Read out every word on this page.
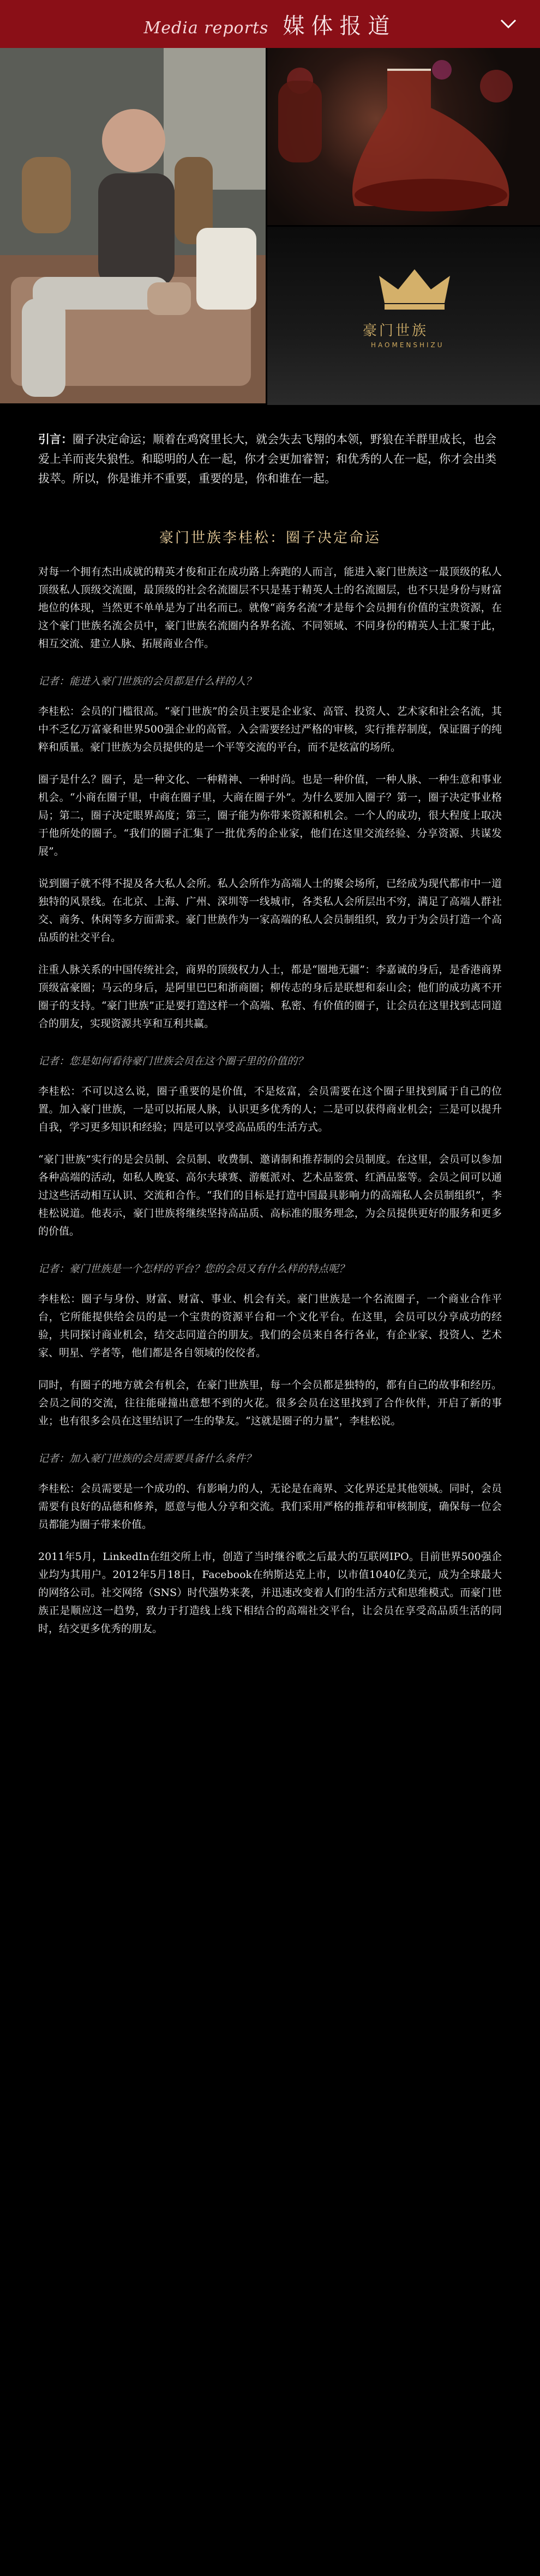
Media reports 媒体报道
豪门世族
HAOMENSHIZU
引言：圈子决定命运；顺着在鸡窝里长大，就会失去飞翔的本领，野狼在羊群里成长，也会爱上羊而丧失狼性。和聪明的人在一起，你才会更加睿智；和优秀的人在一起，你才会出类拔萃。所以，你是谁并不重要，重要的是，你和谁在一起。
豪门世族李桂松：圈子决定命运
对每一个拥有杰出成就的精英才俊和正在成功路上奔跑的人而言，能进入豪门世族这一最顶级的私人顶级私人顶级交流圈，最顶级的社会名流圈层不只是基于精英人士的名流圈层，也不只是身份与财富地位的体现，当然更不单单是为了出名而已。就像“商务名流”才是每个会员拥有价值的宝贵资源，在这个豪门世族名流会员中，豪门世族名流圈内各界名流、不同领域、不同身份的精英人士汇聚于此，相互交流、建立人脉、拓展商业合作。
记者：能进入豪门世族的会员都是什么样的人？
李桂松：会员的门槛很高。“豪门世族”的会员主要是企业家、高管、投资人、艺术家和社会名流，其中不乏亿万富豪和世界500强企业的高管。入会需要经过严格的审核，实行推荐制度，保证圈子的纯粹和质量。豪门世族为会员提供的是一个平等交流的平台，而不是炫富的场所。
圈子是什么？圈子，是一种文化、一种精神、一种时尚。也是一种价值，一种人脉、一种生意和事业机会。“小商在圈子里，中商在圈子里，大商在圈子外”。为什么要加入圈子？第一，圈子决定事业格局；第二，圈子决定眼界高度；第三，圈子能为你带来资源和机会。一个人的成功，很大程度上取决于他所处的圈子。“我们的圈子汇集了一批优秀的企业家，他们在这里交流经验、分享资源、共谋发展”。
说到圈子就不得不提及各大私人会所。私人会所作为高端人士的聚会场所，已经成为现代都市中一道独特的风景线。在北京、上海、广州、深圳等一线城市，各类私人会所层出不穷，满足了高端人群社交、商务、休闲等多方面需求。豪门世族作为一家高端的私人会员制组织，致力于为会员打造一个高品质的社交平台。
注重人脉关系的中国传统社会，商界的顶级权力人士，都是“圈地无疆”：李嘉诚的身后，是香港商界顶级富豪圈；马云的身后，是阿里巴巴和浙商圈；柳传志的身后是联想和泰山会；他们的成功离不开圈子的支持。“豪门世族”正是要打造这样一个高端、私密、有价值的圈子，让会员在这里找到志同道合的朋友，实现资源共享和互利共赢。
记者：您是如何看待豪门世族会员在这个圈子里的价值的？
李桂松：不可以这么说，圈子重要的是价值，不是炫富，会员需要在这个圈子里找到属于自己的位置。加入豪门世族，一是可以拓展人脉，认识更多优秀的人；二是可以获得商业机会；三是可以提升自我，学习更多知识和经验；四是可以享受高品质的生活方式。
“豪门世族”实行的是会员制、会员制、收费制、邀请制和推荐制的会员制度。在这里，会员可以参加各种高端的活动，如私人晚宴、高尔夫球赛、游艇派对、艺术品鉴赏、红酒品鉴等。会员之间可以通过这些活动相互认识、交流和合作。“我们的目标是打造中国最具影响力的高端私人会员制组织”，李桂松说道。他表示，豪门世族将继续坚持高品质、高标准的服务理念，为会员提供更好的服务和更多的价值。
记者：豪门世族是一个怎样的平台？您的会员又有什么样的特点呢？
李桂松：圈子与身份、财富、财富、事业、机会有关。豪门世族是一个名流圈子，一个商业合作平台，它所能提供给会员的是一个宝贵的资源平台和一个文化平台。在这里，会员可以分享成功的经验，共同探讨商业机会，结交志同道合的朋友。我们的会员来自各行各业，有企业家、投资人、艺术家、明星、学者等，他们都是各自领域的佼佼者。
同时，有圈子的地方就会有机会，在豪门世族里，每一个会员都是独特的，都有自己的故事和经历。会员之间的交流，往往能碰撞出意想不到的火花。很多会员在这里找到了合作伙伴，开启了新的事业；也有很多会员在这里结识了一生的挚友。“这就是圈子的力量”，李桂松说。
记者：加入豪门世族的会员需要具备什么条件？
李桂松：会员需要是一个成功的、有影响力的人，无论是在商界、文化界还是其他领域。同时，会员需要有良好的品德和修养，愿意与他人分享和交流。我们采用严格的推荐和审核制度，确保每一位会员都能为圈子带来价值。
2011年5月，LinkedIn在纽交所上市，创造了当时继谷歌之后最大的互联网IPO。目前世界500强企业均为其用户。2012年5月18日，Facebook在纳斯达克上市，以市值1040亿美元，成为全球最大的网络公司。社交网络（SNS）时代强势来袭，并迅速改变着人们的生活方式和思维模式。而豪门世族正是顺应这一趋势，致力于打造线上线下相结合的高端社交平台，让会员在享受高品质生活的同时，结交更多优秀的朋友。
